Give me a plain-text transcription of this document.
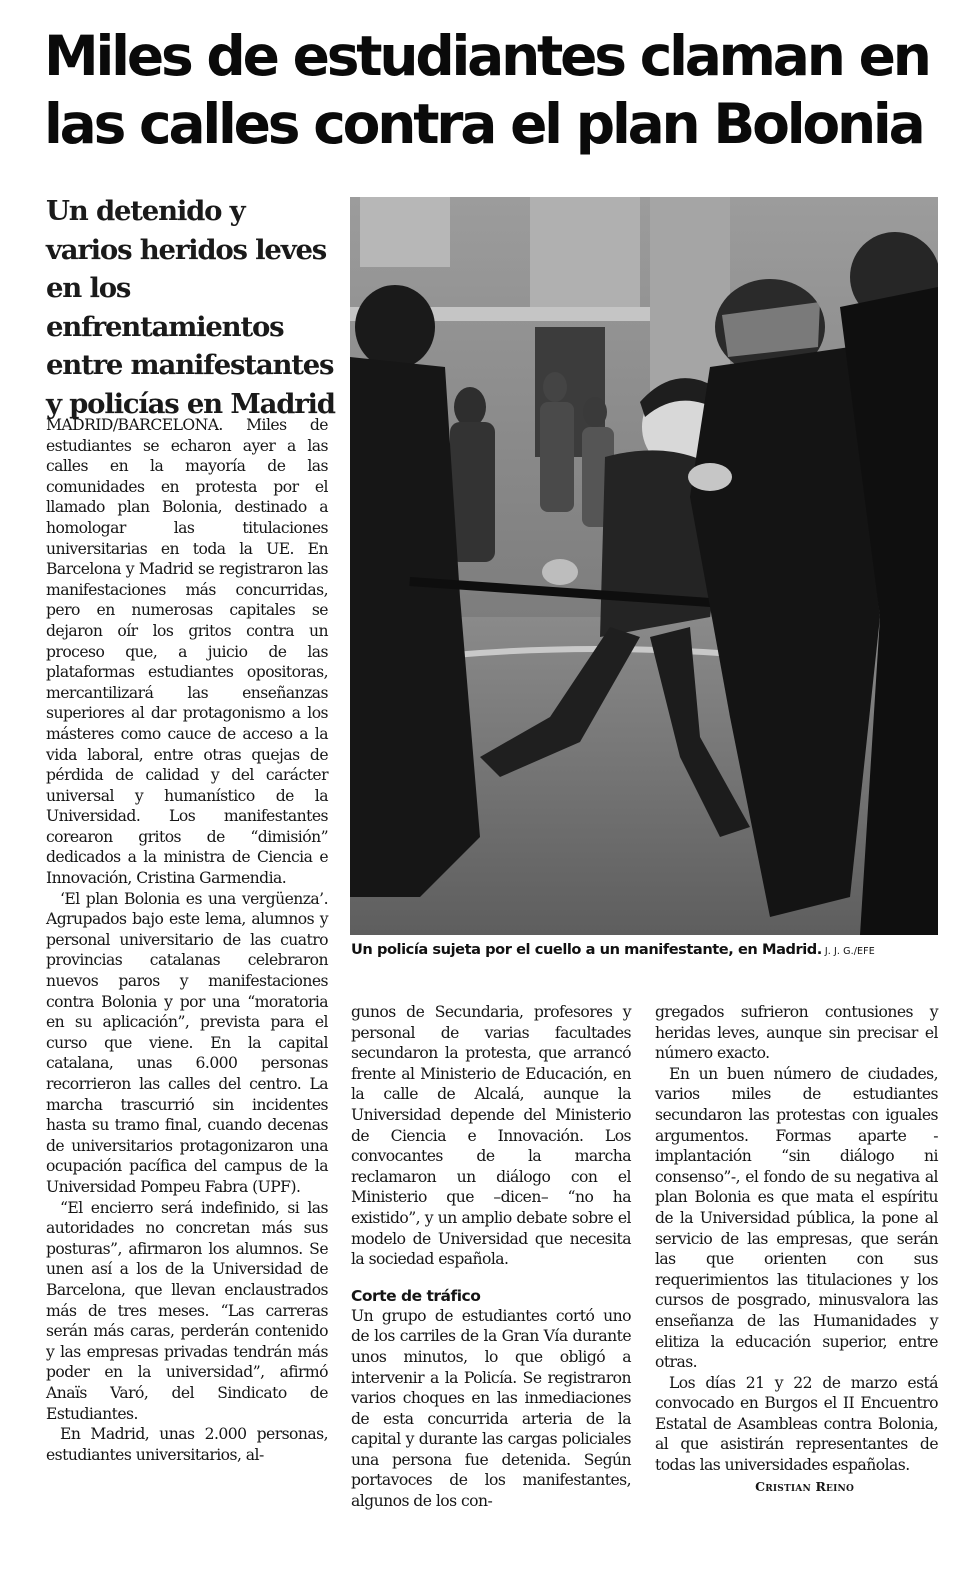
Miles de estudiantes claman en las calles contra el plan Bolonia
Un detenido y varios heridos leves en los enfrentamientos entre manifestantes y policías en Madrid
Un policía sujeta por el cuello a un manifestante, en Madrid. J. J. G./EFE

MADRID/BARCELONA. Miles de estudiantes se echaron ayer a las calles en la mayoría de las comunidades en protesta por el llamado plan Bolonia, destinado a homologar las titulaciones universitarias en toda la UE. En Barcelona y Madrid se registraron las manifestaciones más concurridas, pero en numerosas capitales se dejaron oír los gritos contra un proceso que, a juicio de las plataformas estudiantes opositoras, mercantilizará las enseñanzas superiores al dar protagonismo a los másteres como cauce de acceso a la vida laboral, entre otras quejas de pérdida de calidad y del carácter universal y humanístico de la Universidad. Los manifestantes corearon gritos de “dimisión” dedicados a la ministra de Ciencia e Innovación, Cristina Garmendia.

‘El plan Bolonia es una vergüenza’. Agrupados bajo este lema, alumnos y personal universitario de las cuatro provincias catalanas celebraron nuevos paros y manifestaciones contra Bolonia y por una “moratoria en su aplicación”, prevista para el curso que viene. En la capital catalana, unas 6.000 personas recorrieron las calles del centro. La marcha trascurrió sin incidentes hasta su tramo final, cuando decenas de universitarios protagonizaron una ocupación pacífica del campus de la Universidad Pompeu Fabra (UPF).

“El encierro será indefinido, si las autoridades no concretan más sus posturas”, afirmaron los alumnos. Se unen así a los de la Universidad de Barcelona, que llevan enclaustrados más de tres meses. “Las carreras serán más caras, perderán contenido y las empresas privadas tendrán más poder en la universidad”, afirmó Anaïs Varó, del Sindicato de Estudiantes.

En Madrid, unas 2.000 personas, estudiantes universitarios, al-

gunos de Secundaria, profesores y personal de varias facultades secundaron la protesta, que arrancó frente al Ministerio de Educación, en la calle de Alcalá, aunque la Universidad depende del Ministerio de Ciencia e Innovación. Los convocantes de la marcha reclamaron un diálogo con el Ministerio que –dicen– “no ha existido”, y un amplio debate sobre el modelo de Universidad que necesita la sociedad española.

Corte de tráfico

Un grupo de estudiantes cortó uno de los carriles de la Gran Vía durante unos minutos, lo que obligó a intervenir a la Policía. Se registraron varios choques en las inmediaciones de esta concurrida arteria de la capital y durante las cargas policiales una persona fue detenida. Según portavoces de los manifestantes, algunos de los con-

gregados sufrieron contusiones y heridas leves, aunque sin precisar el número exacto.

En un buen número de ciudades, varios miles de estudiantes secundaron las protestas con iguales argumentos. Formas aparte -implantación “sin diálogo ni consenso”-, el fondo de su negativa al plan Bolonia es que mata el espíritu de la Universidad pública, la pone al servicio de las empresas, que serán las que orienten con sus requerimientos las titulaciones y los cursos de posgrado, minusvalora las enseñanza de las Humanidades y elitiza la educación superior, entre otras.

Los días 21 y 22 de marzo está convocado en Burgos el II Encuentro Estatal de Asambleas contra Bolonia, al que asistirán representantes de todas las universidades españolas.

Cristian Reino
